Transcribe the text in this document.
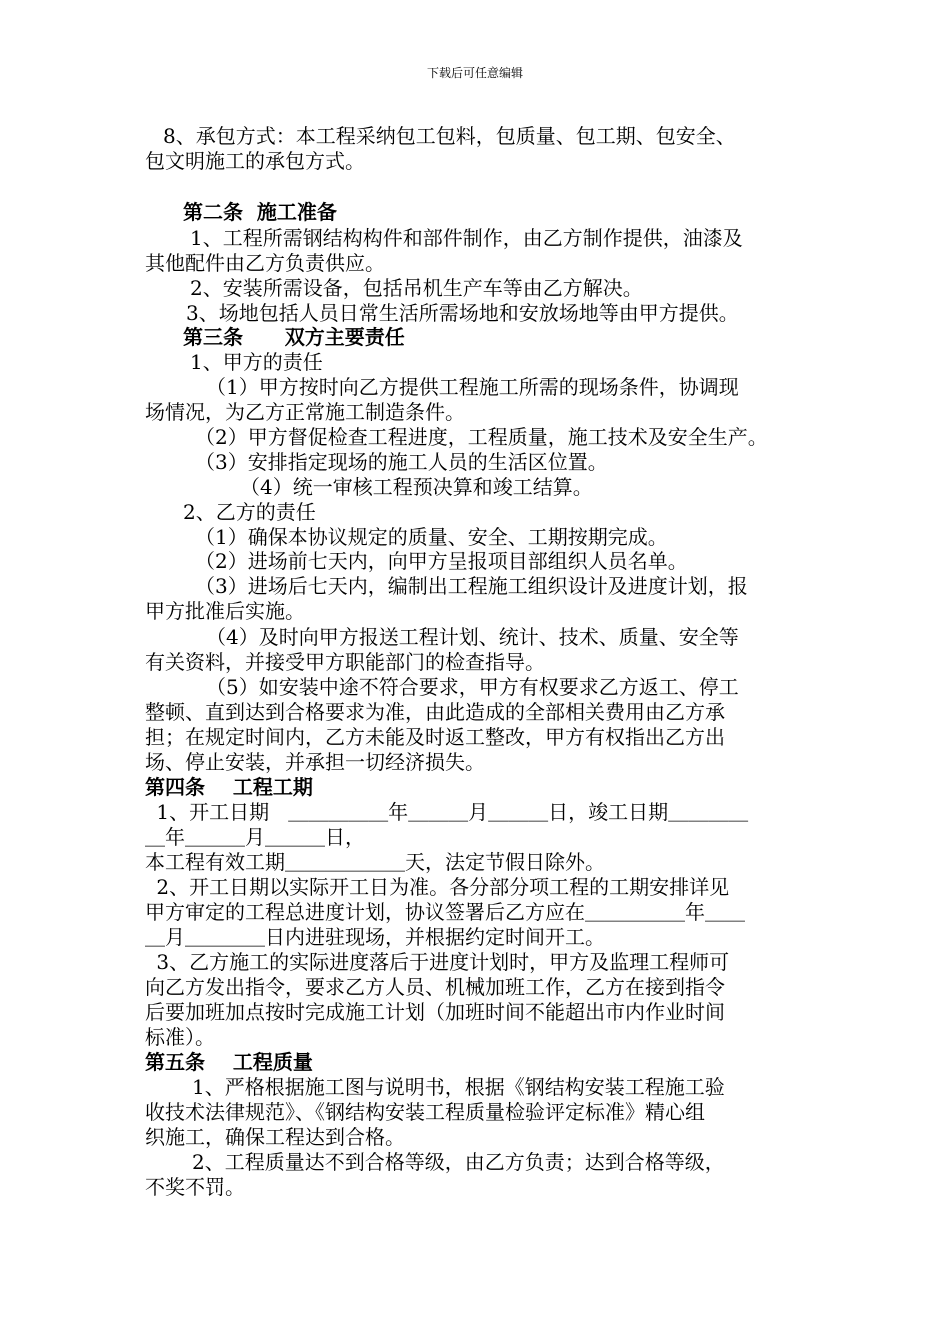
下载后可任意编辑
8、承包方式：本工程采纳包工包料，包质量、包工期、包安全、
包文明施工的承包方式。
第二条  施工准备
1、工程所需钢结构构件和部件制作，由乙方制作提供，油漆及
其他配件由乙方负责供应。
2、安装所需设备，包括吊机生产车等由乙方解决。
3、场地包括人员日常生活所需场地和安放场地等由甲方提供。
第三条      双方主要责任
1、甲方的责任
（1）甲方按时向乙方提供工程施工所需的现场条件，协调现
场情况，为乙方正常施工制造条件。
（2）甲方督促检查工程进度，工程质量，施工技术及安全生产。
（3）安排指定现场的施工人员的生活区位置。
（4）统一审核工程预决算和竣工结算。
2、乙方的责任
（1）确保本协议规定的质量、安全、工期按期完成。
（2）进场前七天内，向甲方呈报项目部组织人员名单。
（3）进场后七天内，编制出工程施工组织设计及进度计划，报
甲方批准后实施。
（4）及时向甲方报送工程计划、统计、技术、质量、安全等
有关资料，并接受甲方职能部门的检查指导。
（5）如安装中途不符合要求，甲方有权要求乙方返工、停工
整顿、直到达到合格要求为准，由此造成的全部相关费用由乙方承
担；在规定时间内，乙方未能及时返工整改，甲方有权指出乙方出
场、停止安装，并承担一切经济损失。
第四条    工程工期
1、开工日期   ＿＿＿＿＿年＿＿＿月＿＿＿日，竣工日期＿＿＿＿
＿年＿＿＿月＿＿＿日，
本工程有效工期＿＿＿＿＿＿天，法定节假日除外。
2、开工日期以实际开工日为准。各分部分项工程的工期安排详见
甲方审定的工程总进度计划，协议签署后乙方应在＿＿＿＿＿年＿＿
＿月＿＿＿＿日内进驻现场，并根据约定时间开工。
3、乙方施工的实际进度落后于进度计划时，甲方及监理工程师可
向乙方发出指令，要求乙方人员、机械加班工作，乙方在接到指令
后要加班加点按时完成施工计划（加班时间不能超出市内作业时间
标准）。
第五条    工程质量
1、严格根据施工图与说明书，根据《钢结构安装工程施工验
收技术法律规范》、《钢结构安装工程质量检验评定标准》精心组
织施工，确保工程达到合格。
2、工程质量达不到合格等级，由乙方负责；达到合格等级，
不奖不罚。
